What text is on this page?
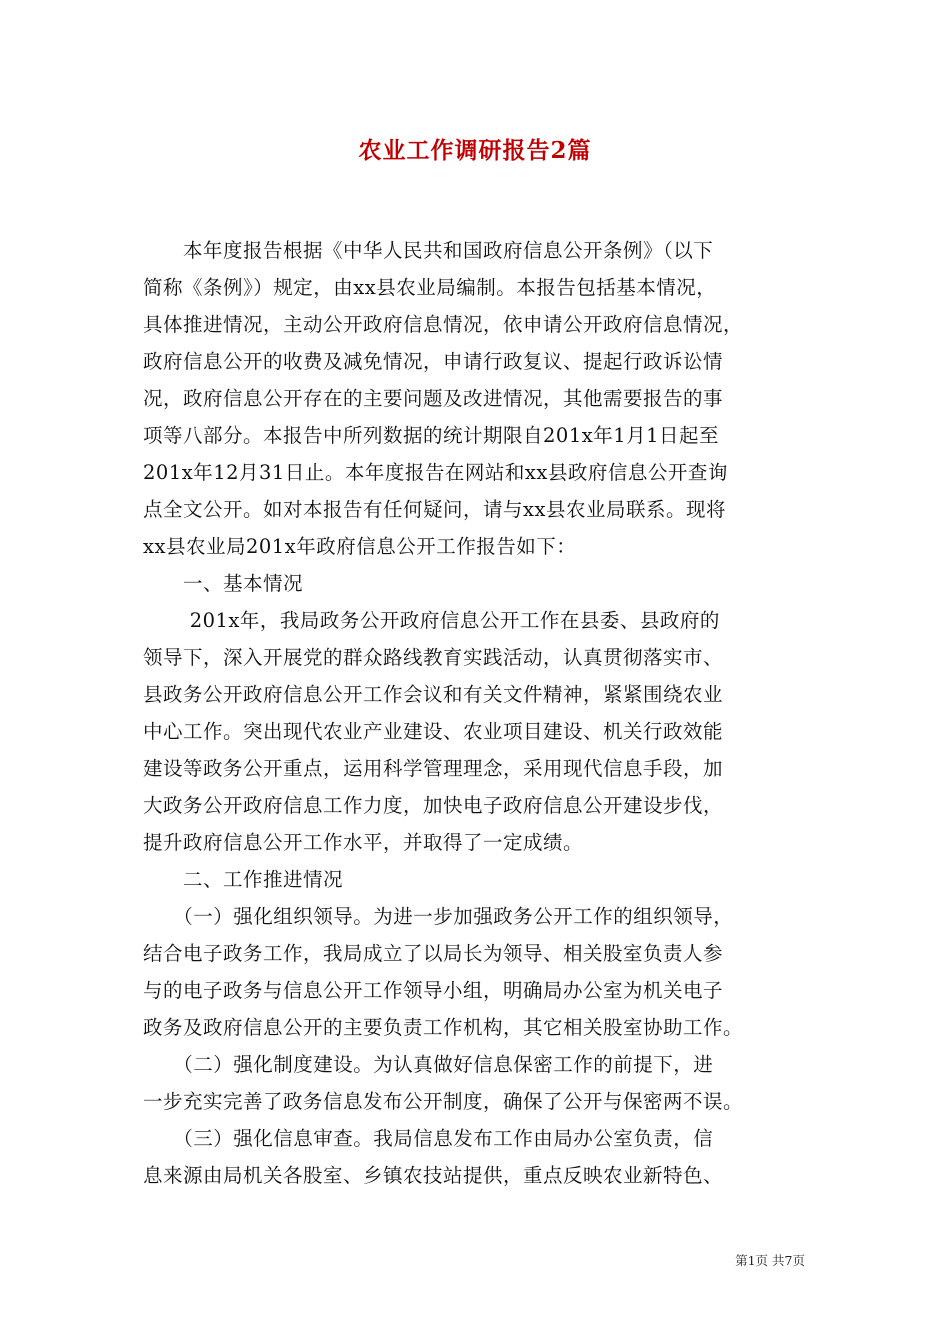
农业工作调研报告2篇
　　本年度报告根据《中华人民共和国政府信息公开条例》（以下
简称《条例》）规定，由xx县农业局编制。本报告包括基本情况，
具体推进情况，主动公开政府信息情况，依申请公开政府信息情况，
政府信息公开的收费及减免情况，申请行政复议、提起行政诉讼情
况，政府信息公开存在的主要问题及改进情况，其他需要报告的事
项等八部分。本报告中所列数据的统计期限自201x年1月1日起至
201x年12月31日止。本年度报告在网站和xx县政府信息公开查询
点全文公开。如对本报告有任何疑问，请与xx县农业局联系。现将
xx县农业局201x年政府信息公开工作报告如下：
　　一、基本情况
　　 201x年，我局政务公开政府信息公开工作在县委、县政府的
领导下，深入开展党的群众路线教育实践活动，认真贯彻落实市、
县政务公开政府信息公开工作会议和有关文件精神，紧紧围绕农业
中心工作。突出现代农业产业建设、农业项目建设、机关行政效能
建设等政务公开重点，运用科学管理理念，采用现代信息手段，加
大政务公开政府信息工作力度，加快电子政府信息公开建设步伐，
提升政府信息公开工作水平，并取得了一定成绩。
　　二、工作推进情况
　　（一）强化组织领导。为进一步加强政务公开工作的组织领导，
结合电子政务工作，我局成立了以局长为领导、相关股室负责人参
与的电子政务与信息公开工作领导小组，明确局办公室为机关电子
政务及政府信息公开的主要负责工作机构，其它相关股室协助工作。
　　（二）强化制度建设。为认真做好信息保密工作的前提下，进
一步充实完善了政务信息发布公开制度，确保了公开与保密两不误。
　　（三）强化信息审查。我局信息发布工作由局办公室负责，信
息来源由局机关各股室、乡镇农技站提供，重点反映农业新特色、
第1页 共7页
